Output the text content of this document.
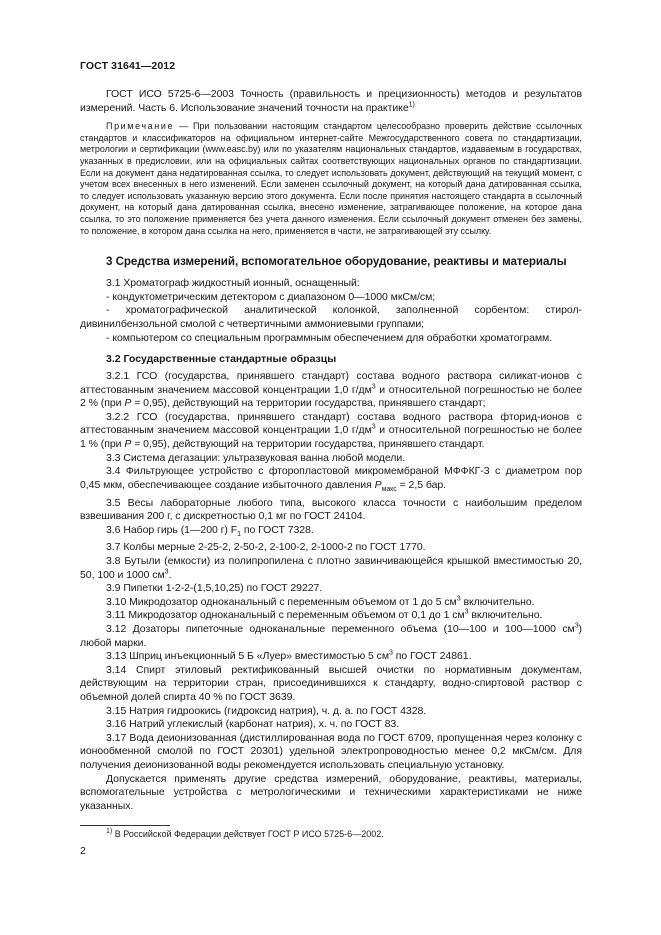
ГОСТ 31641—2012

ГОСТ ИСО 5725-6—2003 Точность (правильность и прецизионность) методов и результатов измерений. Часть 6. Использование значений точности на практике$^{1)}$

Примечание — При пользовании настоящим стандартом целесообразно проверить действие ссылочных стандартов и классификаторов на официальном интернет-сайте Межгосударственного совета по стандартизации, метрологии и сертификации (www.easc.by) или по указателям национальных стандартов, издаваемым в государствах, указанных в предисловии, или на официальных сайтах соответствующих национальных органов по стандартизации. Если на документ дана недатированная ссылка, то следует использовать документ, действующий на текущий момент, с учетом всех внесенных в него изменений. Если заменен ссылочный документ, на который дана датированная ссылка, то следует использовать указанную версию этого документа. Если после принятия настоящего стандарта в ссылочный документ, на который дана датированная ссылка, внесено изменение, затрагивающее положение, на которое дана ссылка, то это положение применяется без учета данного изменения. Если ссылочный документ отменен без замены, то положение, в котором дана ссылка на него, применяется в части, не затрагивающей эту ссылку.

3 Средства измерений, вспомогательное оборудование, реактивы и материалы

3.1 Хроматограф жидкостный ионный, оснащенный:

- кондуктометрическим детектором с диапазоном 0—1000 мкСм/см;

- хроматографической аналитической колонкой, заполненной сорбентом: стирол-дивинилбензольной смолой с четвертичными аммониевыми группами;

- компьютером со специальным программным обеспечением для обработки хроматограмм.

3.2 Государственные стандартные образцы

3.2.1 ГСО (государства, принявшего стандарт) состава водного раствора силикат-ионов с аттестованным значением массовой концентрации 1,0 $г/дм^3$ и относительной погрешностью не более 2 % (при P = 0,95), действующий на территории государства, принявшего стандарт;

3.2.2 ГСО (государства, принявшего стандарт) состава водного раствора фторид-ионов с аттестованным значением массовой концентрации 1,0 $г/дм^3$ и относительной погрешностью не более 1 % (при P = 0,95), действующий на территории государства, принявшего стандарт.

3.3 Система дегазации: ультразвуковая ванна любой модели.

3.4 Фильтрующее устройство с фторопластовой микромембраной МФФКГ-3 с диаметром пор 0,45 мкм, обеспечивающее создание избыточного давления $P_{макс} = 2,5$ бар.

3.5 Весы лабораторные любого типа, высокого класса точности с наибольшим пределом взвешивания 200 г, с дискретностью 0,1 мг по ГОСТ 24104.

3.6 Набор гирь (1—200 г) $F_1$ по ГОСТ 7328.

3.7 Колбы мерные 2-25-2, 2-50-2, 2-100-2, 2-1000-2 по ГОСТ 1770.

3.8 Бутыли (емкости) из полипропилена с плотно завинчивающейся крышкой вместимостью 20, 50, 100 и 1000 $см^3$.

3.9 Пипетки 1-2-2-(1,5,10,25) по ГОСТ 29227.

3.10 Микродозатор одноканальный с переменным объемом от 1 до 5 $см^3$ включительно.

3.11 Микродозатор одноканальный с переменным объемом от 0,1 до 1 $см^3$ включительно.

3.12 Дозаторы пипеточные одноканальные переменного объема (10—100 и 100—1000 $см^3$) любой марки.

3.13 Шприц инъекционный 5 Б «Луер» вместимостью 5 $см^3$ по ГОСТ 24861.

3.14 Спирт этиловый ректификованный высшей очистки по нормативным документам, действующим на территории стран, присоединившихся к стандарту, водно-спиртовой раствор с объемной долей спирта 40 % по ГОСТ 3639.

3.15 Натрия гидроокись (гидроксид натрия), ч. д. а. по ГОСТ 4328.

3.16 Натрий углекислый (карбонат натрия), х. ч. по ГОСТ 83.

3.17 Вода деионизованная (дистиллированная вода по ГОСТ 6709, пропущенная через колонку с ионообменной смолой по ГОСТ 20301) удельной электропроводностью менее 0,2 мкСм/см. Для получения деионизованной воды рекомендуется использовать специальную установку.

Допускается применять другие средства измерений, оборудование, реактивы, материалы, вспомогательные устройства с метрологическими и техническими характеристиками не ниже указанных.

$^{1)}$ В Российской Федерации действует ГОСТ Р ИСО 5725-6—2002.
2
